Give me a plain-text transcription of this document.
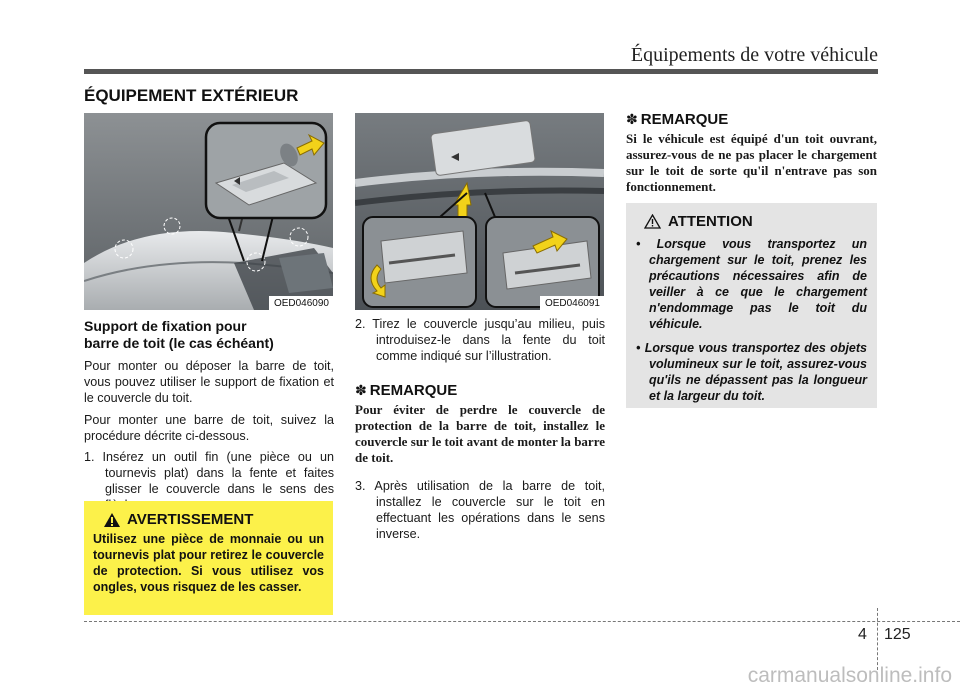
Équipements de votre véhicule
ÉQUIPEMENT EXTÉRIEUR
OED046090	OED046091
Support de fixation pour
barre de toit (le cas échéant)
Pour monter ou déposer la barre de toit, vous pouvez utiliser le support de fixation et le couvercle du toit.
Pour monter une barre de toit, suivez la procédure décrite ci-dessous.
1. Insérez un outil fin (une pièce ou un tournevis plat) dans la fente et faites glisser le couvercle dans le sens des
AVERTISSEMENT
Utilisez une pièce de monnaie ou un tournevis plat pour retirez le couvercle de protection. Si vous utilisez vos ongles, vous risquez de les casser.
2. Tirez le couvercle jusqu’au milieu, puis introduisez-le dans la fente du toit comme indiqué sur l’illustration.
✽ REMARQUE
Pour éviter de perdre le couvercle de protection de la barre de toit, installez le couvercle sur le toit avant de monter la barre de toit.
3. Après utilisation de la barre de toit, installez le couvercle sur le toit en effectuant les opérations dans le sens inverse.
✽ REMARQUE
Si le véhicule est équipé d'un toit ouvrant, assurez-vous de ne pas placer le chargement sur le toit de sorte qu'il n'entrave pas son fonctionnement.
ATTENTION
• Lorsque vous transportez un chargement sur le toit, prenez les précautions nécessaires afin de veiller à ce que le chargement n'endommage pas le toit du véhicule.
• Lorsque vous transportez des objets volumineux sur le toit, assurez-vous qu'ils ne dépassent pas la longueur et la largeur du toit.
4 125
carmanualsonline.info
